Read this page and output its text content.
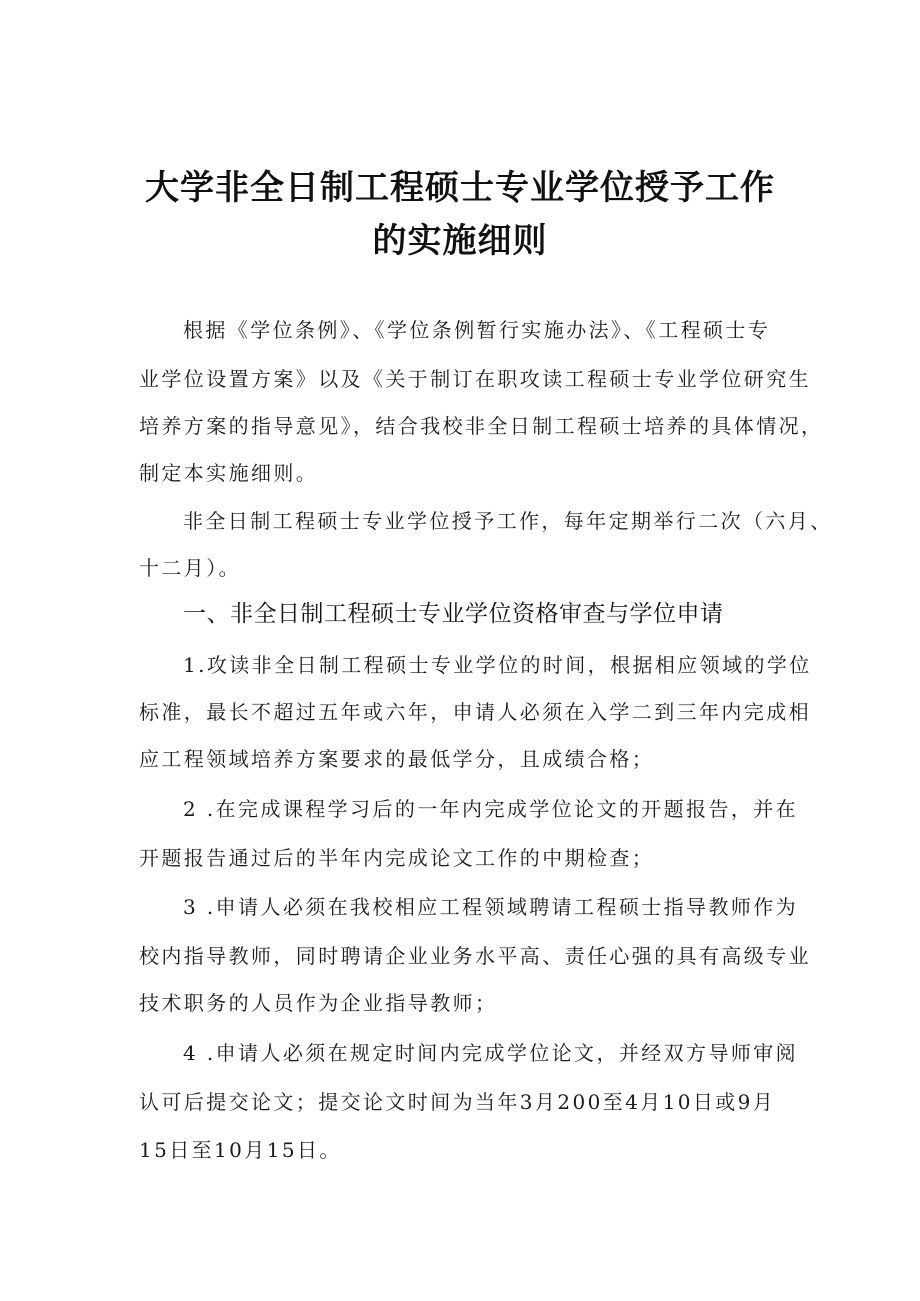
大学非全日制工程硕士专业学位授予工作
的实施细则
根据《学位条例》、《学位条例暂行实施办法》、《工程硕士专
业学位设置方案》以及《关于制订在职攻读工程硕士专业学位研究生
培养方案的指导意见》，结合我校非全日制工程硕士培养的具体情况，
制定本实施细则。
非全日制工程硕士专业学位授予工作，每年定期举行二次（六月、
十二月）。
一、非全日制工程硕士专业学位资格审查与学位申请
1.攻读非全日制工程硕士专业学位的时间，根据相应领域的学位
标准，最长不超过五年或六年，申请人必须在入学二到三年内完成相
应工程领域培养方案要求的最低学分，且成绩合格；
2 .在完成课程学习后的一年内完成学位论文的开题报告，并在
开题报告通过后的半年内完成论文工作的中期检查；
3 .申请人必须在我校相应工程领域聘请工程硕士指导教师作为
校内指导教师，同时聘请企业业务水平高、责任心强的具有高级专业
技术职务的人员作为企业指导教师；
4 .申请人必须在规定时间内完成学位论文，并经双方导师审阅
认可后提交论文；提交论文时间为当年3月200至4月10日或9月
15日至10月15日。
